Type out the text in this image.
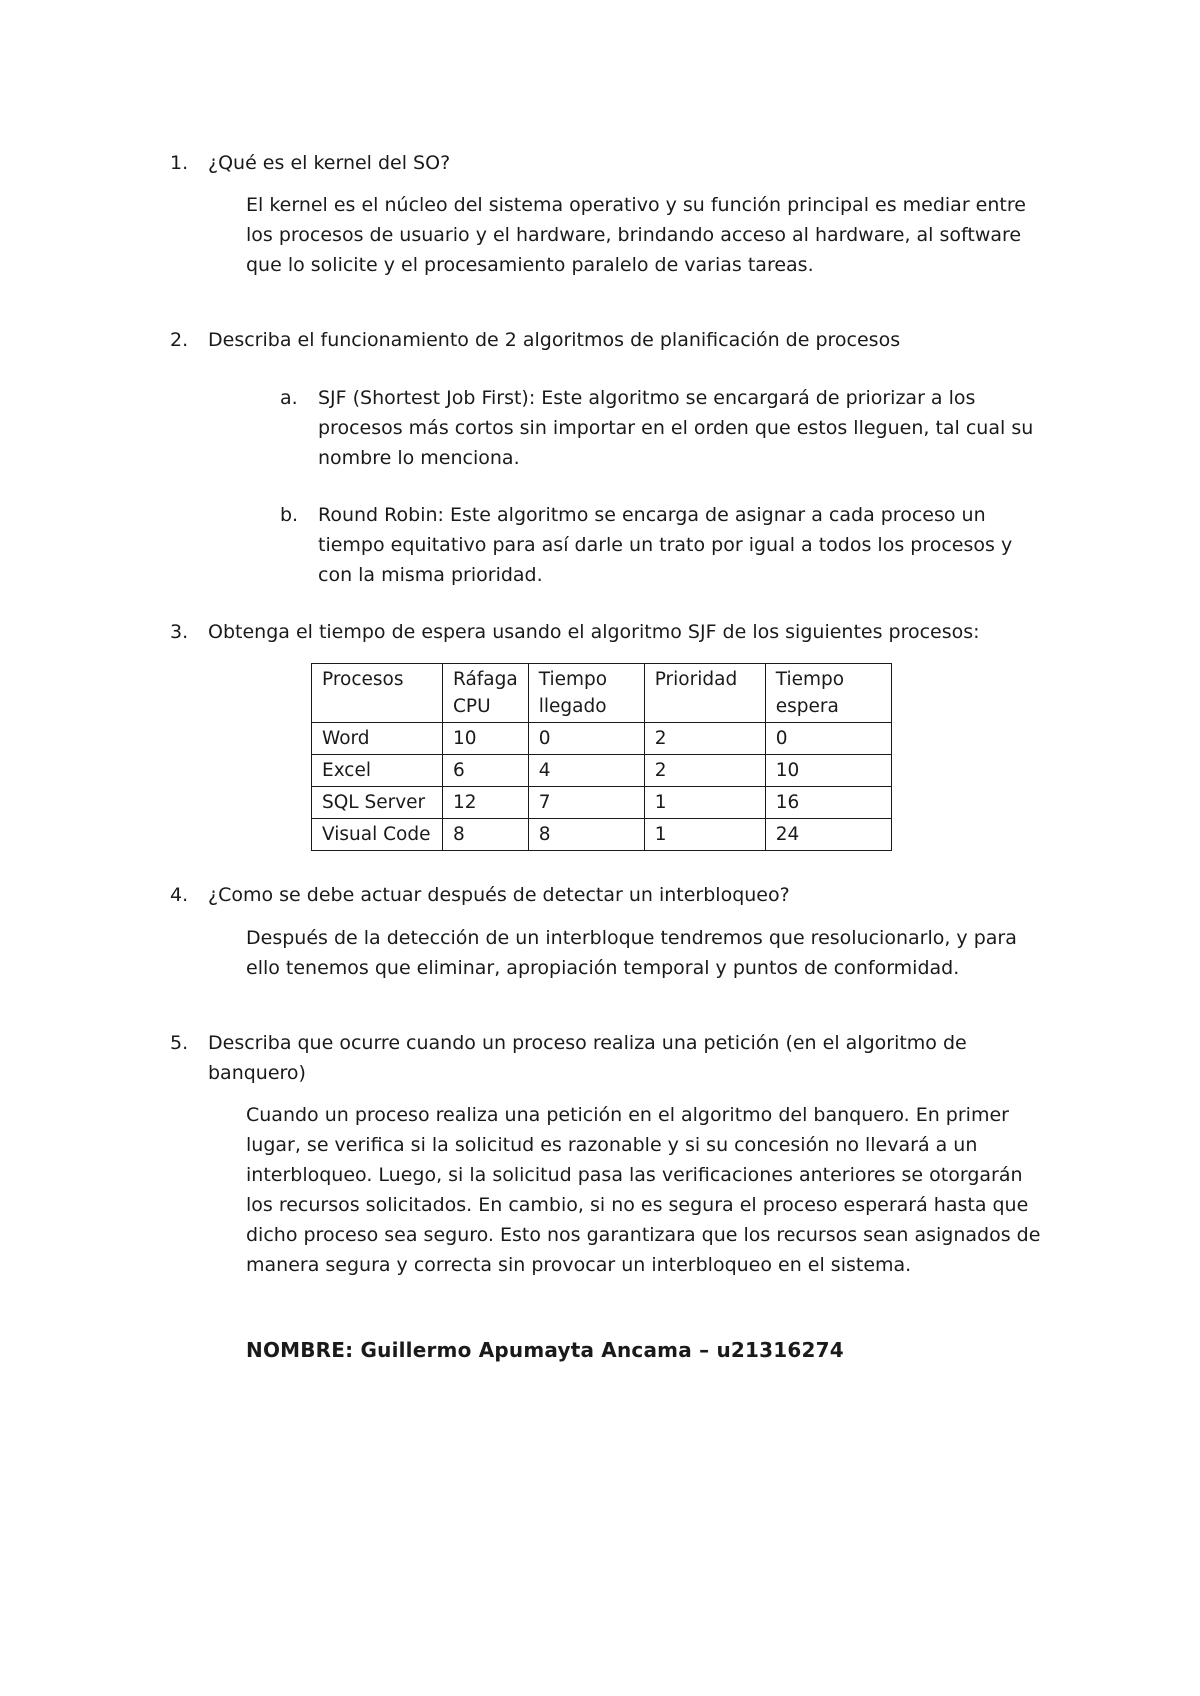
1. ¿Qué es el kernel del SO?

El kernel es el núcleo del sistema operativo y su función principal es mediar entre los procesos de usuario y el hardware, brindando acceso al hardware, al software que lo solicite y el procesamiento paralelo de varias tareas.

2. Describa el funcionamiento de 2 algoritmos de planificación de procesos

a. SJF (Shortest Job First): Este algoritmo se encargará de priorizar a los procesos más cortos sin importar en el orden que estos lleguen, tal cual su nombre lo menciona.

b. Round Robin: Este algoritmo se encarga de asignar a cada proceso un tiempo equitativo para así darle un trato por igual a todos los procesos y con la misma prioridad.

3. Obtenga el tiempo de espera usando el algoritmo SJF de los siguientes procesos:

Procesos	Ráfaga CPU	Tiempo llegado	Prioridad	Tiempo espera
Word	10	0	2	0
Excel	6	4	2	10
SQL Server	12	7	1	16
Visual Code	8	8	1	24
4. ¿Como se debe actuar después de detectar un interbloqueo?

Después de la detección de un interbloque tendremos que resolucionarlo, y para ello tenemos que eliminar, apropiación temporal y puntos de conformidad.

5. Describa que ocurre cuando un proceso realiza una petición (en el algoritmo de banquero)

Cuando un proceso realiza una petición en el algoritmo del banquero. En primer lugar, se verifica si la solicitud es razonable y si su concesión no llevará a un interbloqueo. Luego, si la solicitud pasa las verificaciones anteriores se otorgarán los recursos solicitados. En cambio, si no es segura el proceso esperará hasta que dicho proceso sea seguro. Esto nos garantizara que los recursos sean asignados de manera segura y correcta sin provocar un interbloqueo en el sistema.

NOMBRE: Guillermo Apumayta Ancama – u21316274
